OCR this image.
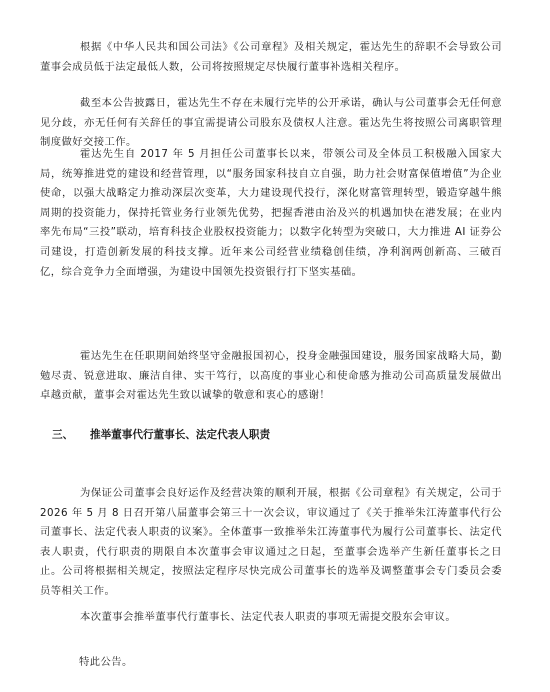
根据《中华人民共和国公司法》《公司章程》及相关规定，霍达先生的辞职不会导致公司董事会成员低于法定最低人数，公司将按照规定尽快履行董事补选相关程序。

截至本公告披露日，霍达先生不存在未履行完毕的公开承诺，确认与公司董事会无任何意见分歧，亦无任何有关辞任的事宜需提请公司股东及债权人注意。霍达先生将按照公司离职管理制度做好交接工作。

霍达先生自 2017 年 5 月担任公司董事长以来，带领公司及全体员工积极融入国家大局，统筹推进党的建设和经营管理，以“服务国家科技自立自强，助力社会财富保值增值”为企业使命，以强大战略定力推动深层次变革，大力建设现代投行，深化财富管理转型，锻造穿越牛熊周期的投资能力，保持托管业务行业领先优势，把握香港由治及兴的机遇加快在港发展；在业内率先布局“三投”联动，培育科技企业股权投资能力；以数字化转型为突破口，大力推进 AI 证券公司建设，打造创新发展的科技支撑。近年来公司经营业绩稳创佳绩，净利润两创新高、三破百亿，综合竞争力全面增强，为建设中国领先投资银行打下坚实基础。

霍达先生在任职期间始终坚守金融报国初心，投身金融强国建设，服务国家战略大局，勤勉尽责、锐意进取、廉洁自律、实干笃行，以高度的事业心和使命感为推动公司高质量发展做出卓越贡献，董事会对霍达先生致以诚挚的敬意和衷心的感谢！

三、 推举董事代行董事长、法定代表人职责

为保证公司董事会良好运作及经营决策的顺利开展，根据《公司章程》有关规定，公司于 2026 年 5 月 8 日召开第八届董事会第三十一次会议，审议通过了《关于推举朱江涛董事代行公司董事长、法定代表人职责的议案》。全体董事一致推举朱江涛董事代为履行公司董事长、法定代表人职责，代行职责的期限自本次董事会审议通过之日起，至董事会选举产生新任董事长之日止。公司将根据相关规定，按照法定程序尽快完成公司董事长的选举及调整董事会专门委员会委员等相关工作。

本次董事会推举董事代行董事长、法定代表人职责的事项无需提交股东会审议。

特此公告。
